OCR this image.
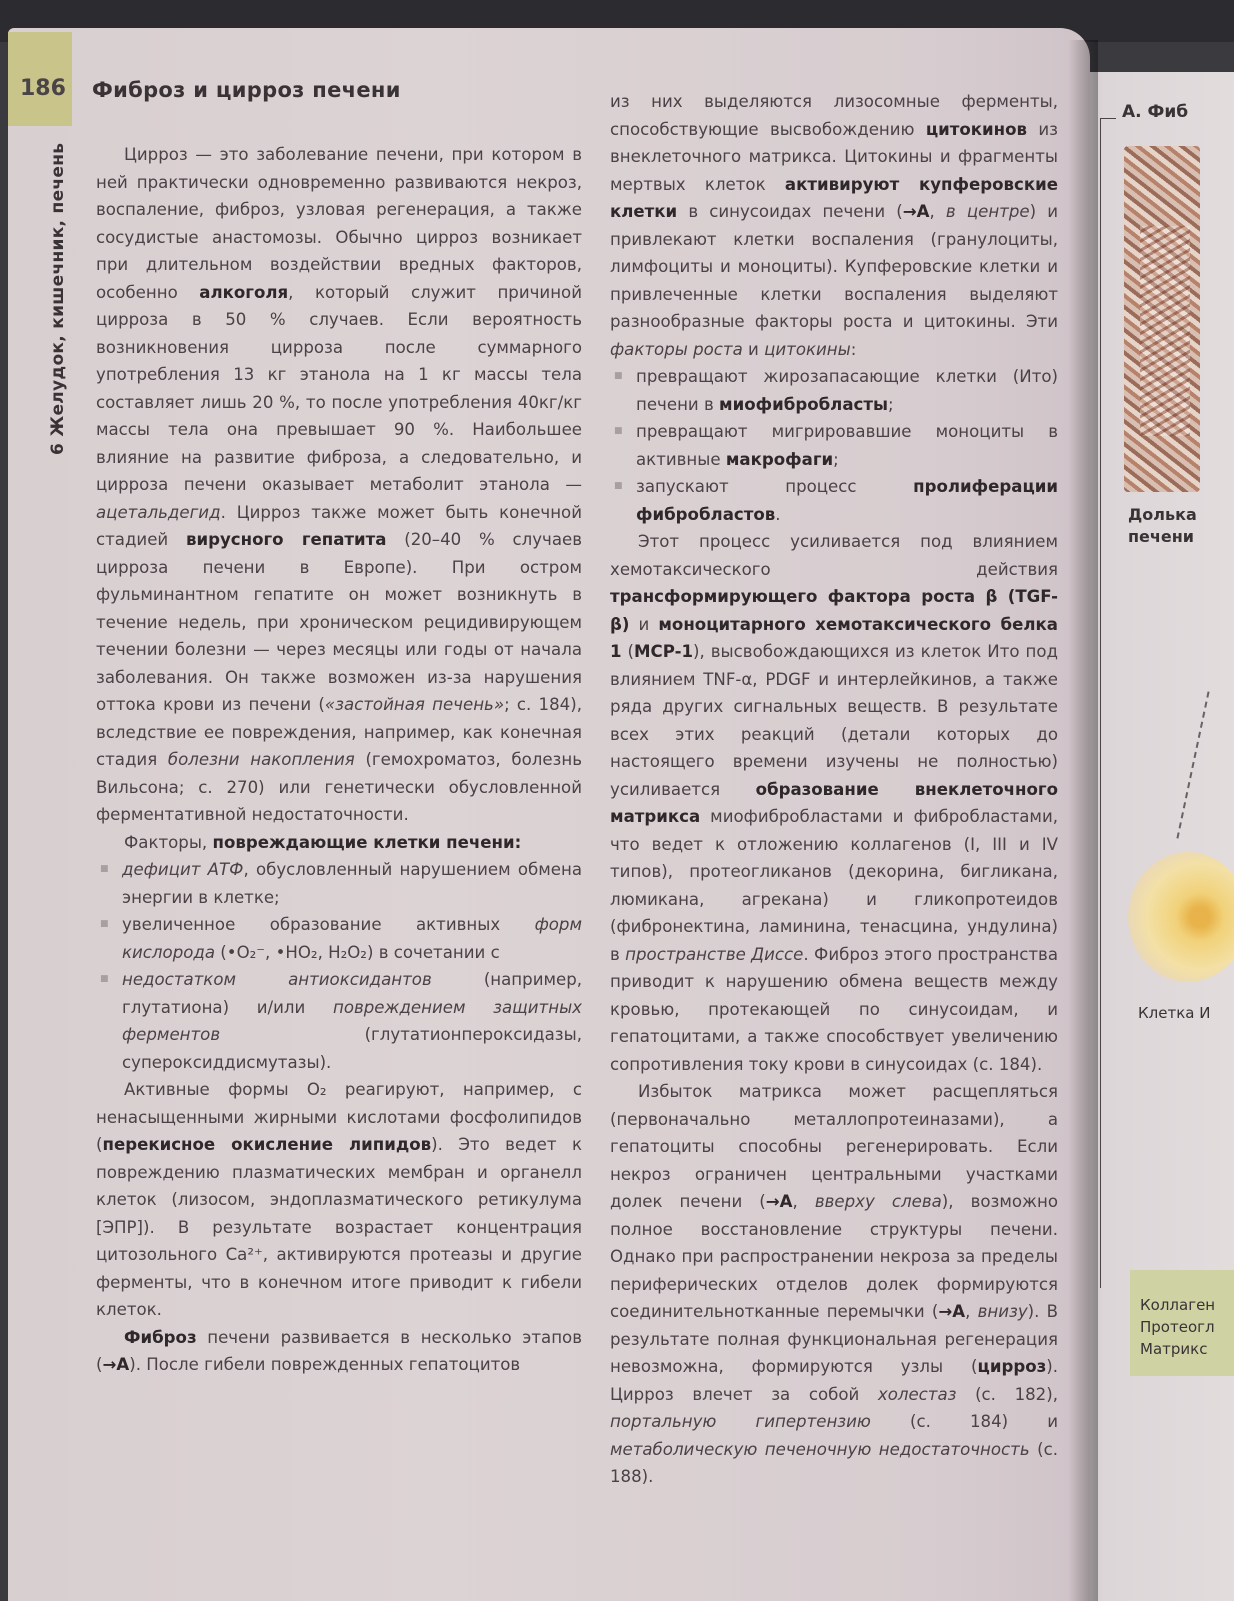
186 Фиброз и цирроз печени
6 Желудок, кишечник, печень	Цирроз — это заболевание печени, при котором в ней практически одновременно развиваются некроз, воспаление, фиброз, узловая регенерация, а также сосудистые анастомозы. Обычно цирроз возникает при длительном воздействии вредных факторов, особенно алкоголя, который служит причиной цирроза в 50 % случаев. Если вероятность возникновения цирроза после суммарного употребления 13 кг этанола на 1 кг массы тела составляет лишь 20 %, то после употребления 40кг/кг массы тела она превышает 90 %. Наибольшее влияние на развитие фиброза, а следовательно, и цирроза печени оказывает метаболит этанола — ацетальдегид. Цирроз также может быть конечной стадией вирусного гепатита (20–40 % случаев цирроза печени в Европе). При остром фульминантном гепатите он может возникнуть в течение недель, при хроническом рецидивирующем течении болезни — через месяцы или годы от начала заболевания. Он также возможен из-за нарушения оттока крови из печени («застойная печень»; с. 184), вследствие ее повреждения, например, как конечная стадия болезни накопления (гемохроматоз, болезнь Вильсона; с. 270) или генетически обусловленной ферментативной недостаточности.

Факторы, повреждающие клетки печени:

■ дефицит АТФ, обусловленный нарушением обмена энергии в клетке;

■ увеличенное образование активных форм кислорода (•O₂⁻, •HO₂, H₂O₂) в сочетании с

■ недостатком антиоксидантов (например, глутатиона) и/или повреждением защитных ферментов (глутатионпероксидазы, супероксиддисмутазы).

Активные формы O₂ реагируют, например, с ненасыщенными жирными кислотами фосфолипидов (перекисное окисление липидов). Это ведет к повреждению плазматических мембран и органелл клеток (лизосом, эндоплазматического ретикулума [ЭПР]). В результате возрастает концентрация цитозольного Ca²⁺, активируются протеазы и другие ферменты, что в конечном итоге приводит к гибели клеток.

Фиброз печени развивается в несколько этапов (→А). После гибели поврежденных гепатоцитов

из них выделяются лизосомные ферменты, способствующие высвобождению цитокинов из внеклеточного матрикса. Цитокины и фрагменты мертвых клеток активируют купферовские клетки в синусоидах печени (→А, в центре) и привлекают клетки воспаления (гранулоциты, лимфоциты и моноциты). Купферовские клетки и привлеченные клетки воспаления выделяют разнообразные факторы роста и цитокины. Эти факторы роста и цитокины:

■ превращают жирозапасающие клетки (Ито) печени в миофибробласты;

■ превращают мигрировавшие моноциты в активные макрофаги;

■ запускают процесс пролиферации фибробластов.

Этот процесс усиливается под влиянием хемотаксического действия трансформирующего фактора роста β (TGF-β) и моноцитарного хемотаксического белка 1 (MCP-1), высвобождающихся из клеток Ито под влиянием TNF-α, PDGF и интерлейкинов, а также ряда других сигнальных веществ. В результате всех этих реакций (детали которых до настоящего времени изучены не полностью) усиливается образование внеклеточного матрикса миофибробластами и фибробластами, что ведет к отложению коллагенов (I, III и IV типов), протеогликанов (декорина, бигликана, люмикана, агрекана) и гликопротеидов (фибронектина, ламинина, тенасцина, ундулина) в пространстве Диссе. Фиброз этого пространства приводит к нарушению обмена веществ между кровью, протекающей по синусоидам, и гепатоцитами, а также способствует увеличению сопротивления току крови в синусоидах (с. 184).

Избыток матрикса может расщепляться (первоначально металлопротеиназами), а гепатоциты способны регенерировать. Если некроз ограничен центральными участками долек печени (→А, вверху слева), возможно полное восстановление структуры печени. Однако при распространении некроза за пределы периферических отделов долек формируются соединительнотканные перемычки (→А, внизу). В результате полная функциональная регенерация невозможна, формируются узлы (цирроз). Цирроз влечет за собой холестаз (с. 182), портальную гипертензию (с. 184) и метаболическую печеночную недостаточность (с. 188).

А. Фиб
Долька
печени
Клетка И
Коллаген
Протеогл
Матрикс
